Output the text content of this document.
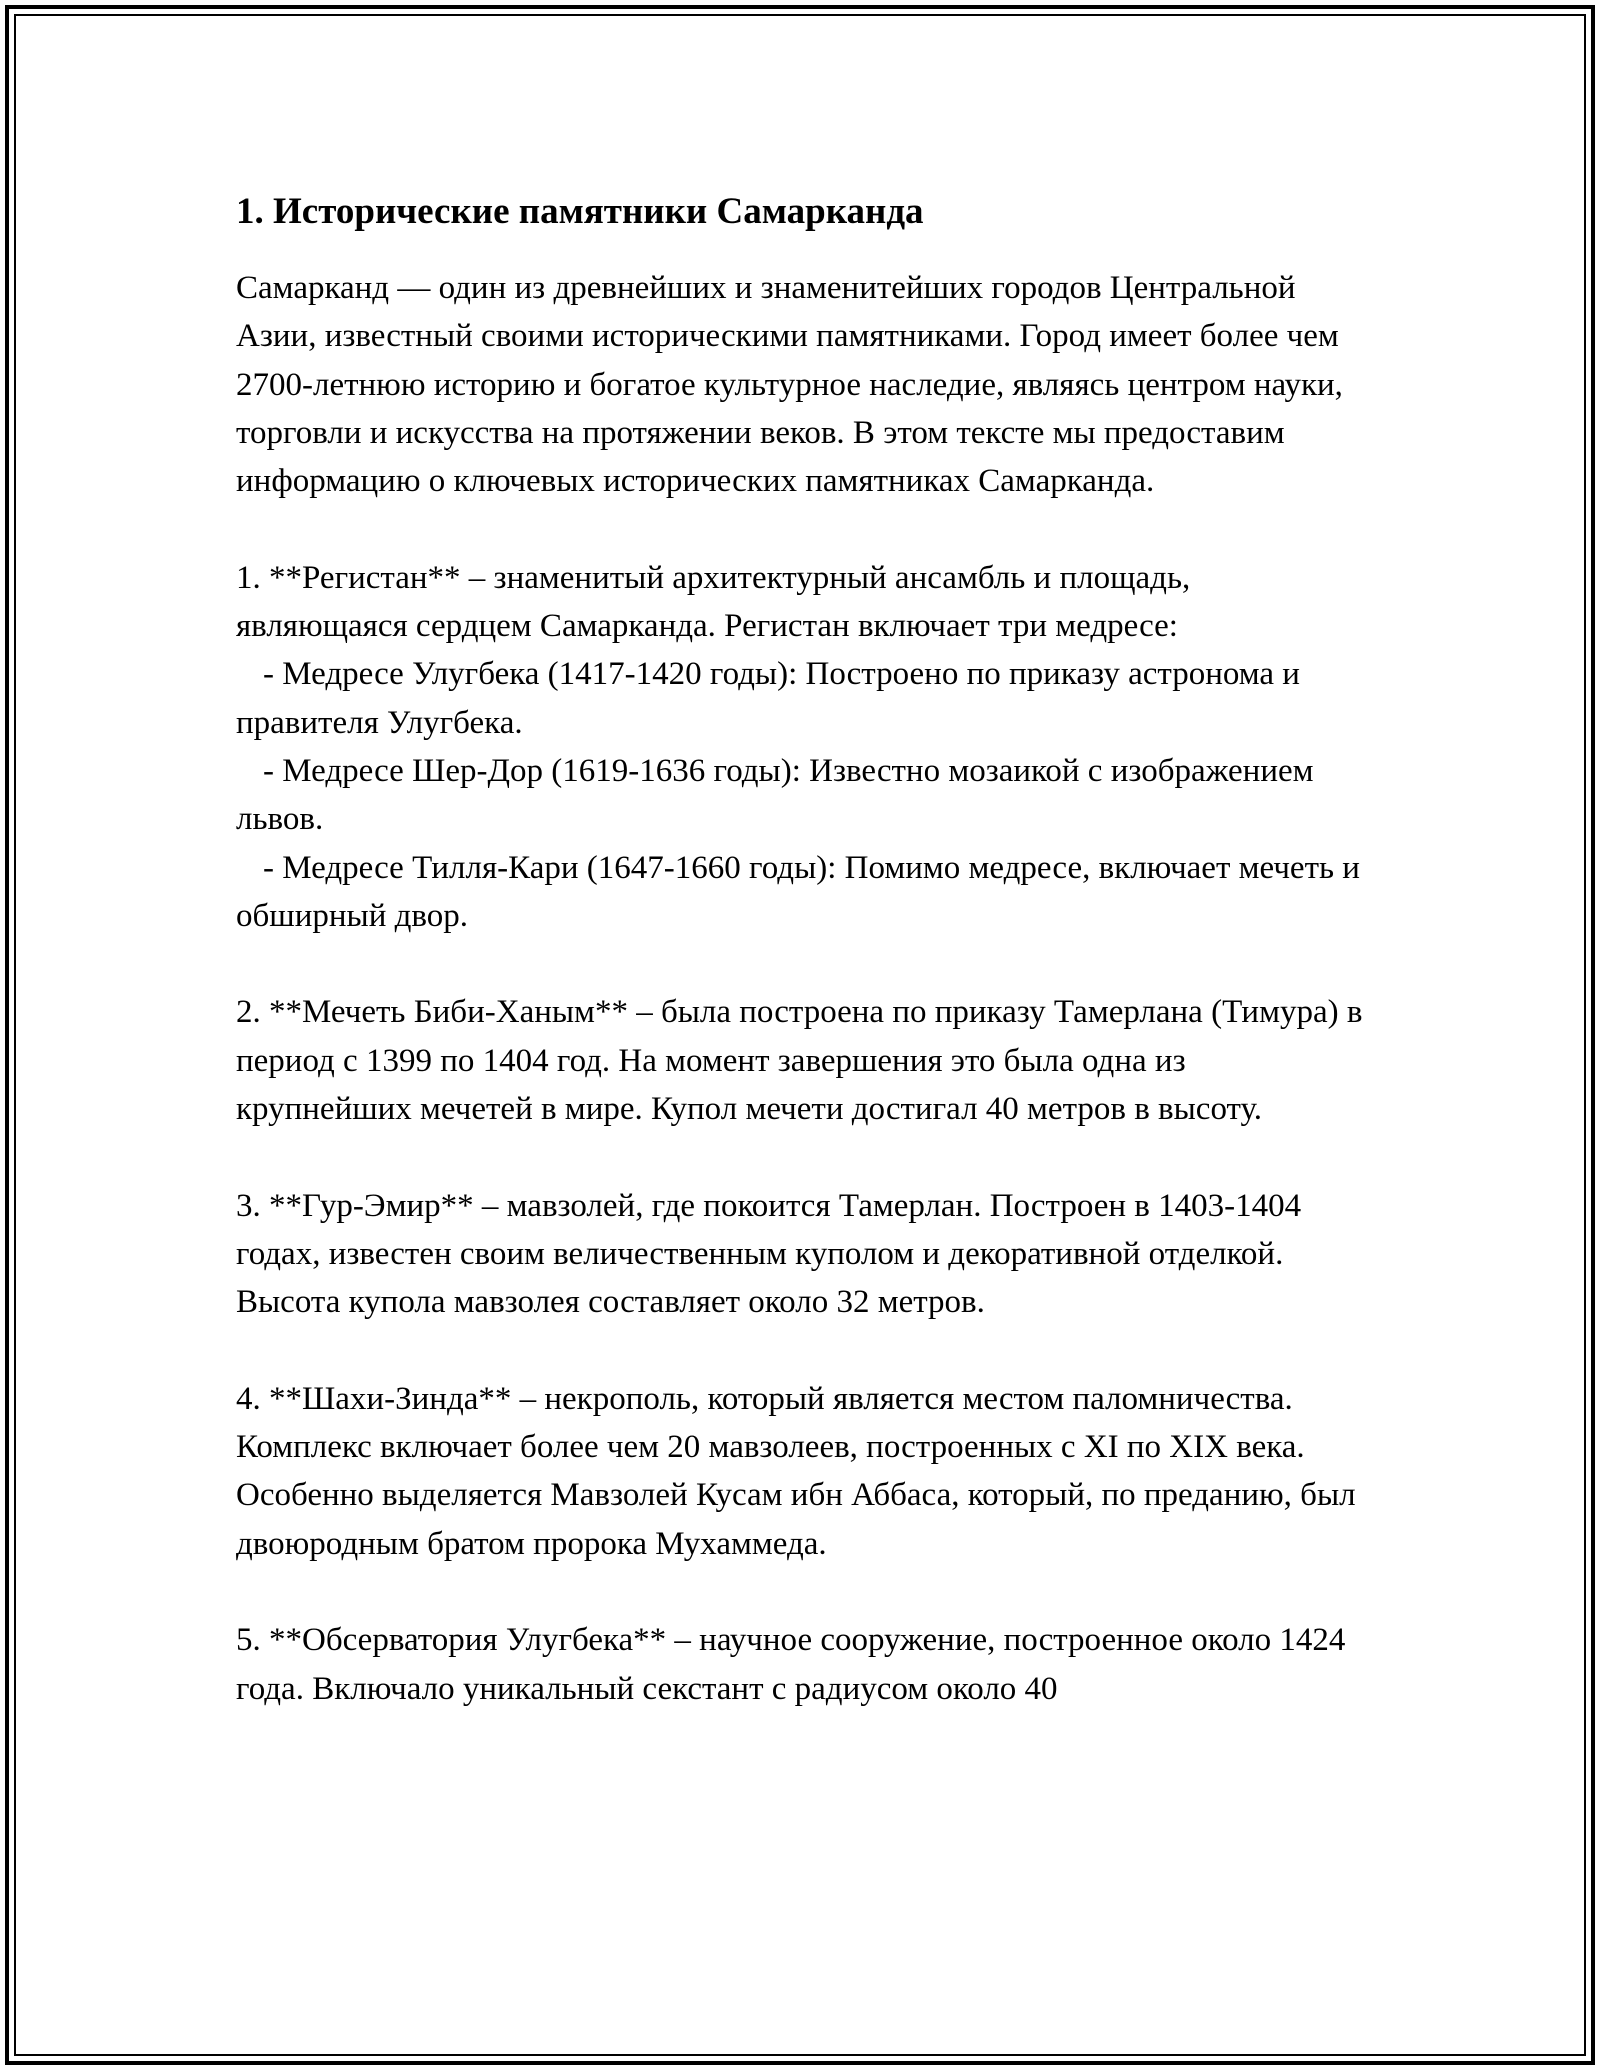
1. Исторические памятники Самарканда

Самарканд — один из древнейших и знаменитейших городов Центральной Азии, известный своими историческими памятниками. Город имеет более чем 2700-летнюю историю и богатое культурное наследие, являясь центром науки, торговли и искусства на протяжении веков. В этом тексте мы предоставим информацию о ключевых исторических памятниках Самарканда.

1. **Регистан** – знаменитый архитектурный ансамбль и площадь, являющаяся сердцем Самарканда. Регистан включает три медресе:

- Медресе Улугбека (1417-1420 годы): Построено по приказу астронома и правителя Улугбека.

- Медресе Шер-Дор (1619-1636 годы): Известно мозаикой с изображением львов.

- Медресе Тилля-Кари (1647-1660 годы): Помимо медресе, включает мечеть и обширный двор.

2. **Мечеть Биби-Ханым** – была построена по приказу Тамерлана (Тимура) в период с 1399 по 1404 год. На момент завершения это была одна из крупнейших мечетей в мире. Купол мечети достигал 40 метров в высоту.

3. **Гур-Эмир** – мавзолей, где покоится Тамерлан. Построен в 1403-1404 годах, известен своим величественным куполом и декоративной отделкой. Высота купола мавзолея составляет около 32 метров.

4. **Шахи-Зинда** – некрополь, который является местом паломничества. Комплекс включает более чем 20 мавзолеев, построенных с XI по XIX века. Особенно выделяется Мавзолей Кусам ибн Аббаса, который, по преданию, был двоюродным братом пророка Мухаммеда.

5. **Обсерватория Улугбека** – научное сооружение, построенное около 1424 года. Включало уникальный секстант с радиусом около 40
